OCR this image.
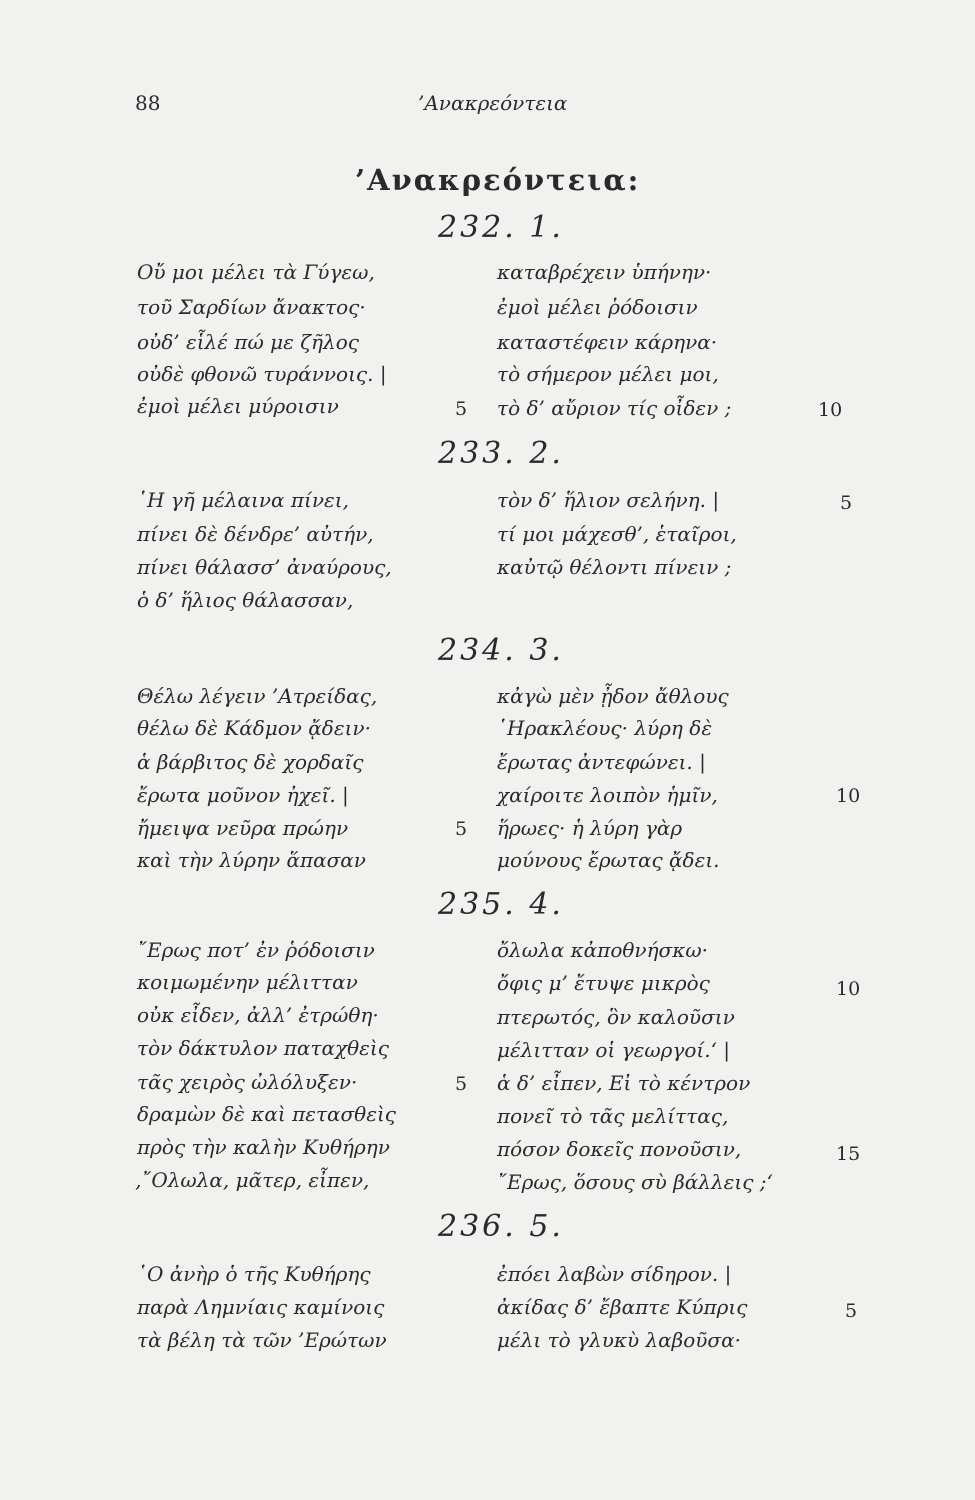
88	’Ανακρεόντεια
’Ανακρεόντεια:
232. 1.
Οὔ μοι μέλει τὰ Γύγεω,
τοῦ Σαρδίων ἄνακτος·
οὐδ’ εἷλέ πώ με ζῆλος
οὐδὲ φθονῶ τυράννοις. |
ἐμοὶ μέλει μύροισιν
καταβρέχειν ὑπήνην·
ἐμοὶ μέλει ῥόδοισιν
καταστέφειν κάρηνα·
τὸ σήμερον μέλει μοι,
τὸ δ’ αὔριον τίς οἶδεν ;
5	10
233. 2.
῾Η γῆ μέλαινα πίνει,
πίνει δὲ δένδρε’ αὐτήν,
πίνει θάλασσ’ ἀναύρους,
ὁ δ’ ἥλιος θάλασσαν,
τὸν δ’ ἥλιον σελήνη. |
τί μοι μάχεσθ’, ἑταῖροι,
καὐτῷ θέλοντι πίνειν ;
5
234. 3.
Θέλω λέγειν ’Ατρείδας,
θέλω δὲ Κάδμον ᾄδειν·
ἁ βάρβιτος δὲ χορδαῖς
ἔρωτα μοῦνον ἠχεῖ. |
ἤμειψα νεῦρα πρώην
καὶ τὴν λύρην ἅπασαν
κἀγὼ μὲν ᾖδον ἄθλους
῾Ηρακλέους· λύρη δὲ
ἔρωτας ἀντεφώνει. |
χαίροιτε λοιπὸν ἡμῖν,
ἥρωες· ἡ λύρη γὰρ
μούνους ἔρωτας ᾄδει.
10
5
235. 4.
῎Ερως ποτ’ ἐν ῥόδοισιν
κοιμωμένην μέλιτταν
οὐκ εἶδεν, ἀλλ’ ἐτρώθη·
τὸν δάκτυλον παταχθεὶς
τᾶς χειρὸς ὠλόλυξεν·
δραμὼν δὲ καὶ πετασθεὶς
πρὸς τὴν καλὴν Κυθήρην
‚῎Ολωλα, μᾶτερ, εἶπεν,
ὄλωλα κἀποθνήσκω·
ὄφις μ’ ἔτυψε μικρὸς
πτερωτός, ὃν καλοῦσιν
μέλιτταν οἱ γεωργοί.‘ |
ἁ δ’ εἶπεν, Εἰ τὸ κέντρον
πονεῖ τὸ τᾶς μελίττας,
πόσον δοκεῖς πονοῦσιν,
῎Ερως, ὅσους σὺ βάλλεις ;‘
10
5
15
236. 5.
῾Ο ἀνὴρ ὁ τῆς Κυθήρης
παρὰ Λημνίαις καμίνοις
τὰ βέλη τὰ τῶν ’Ερώτων
ἐπόει λαβὼν σίδηρον. |
ἀκίδας δ’ ἔβαπτε Κύπρις
μέλι τὸ γλυκὺ λαβοῦσα·
5
